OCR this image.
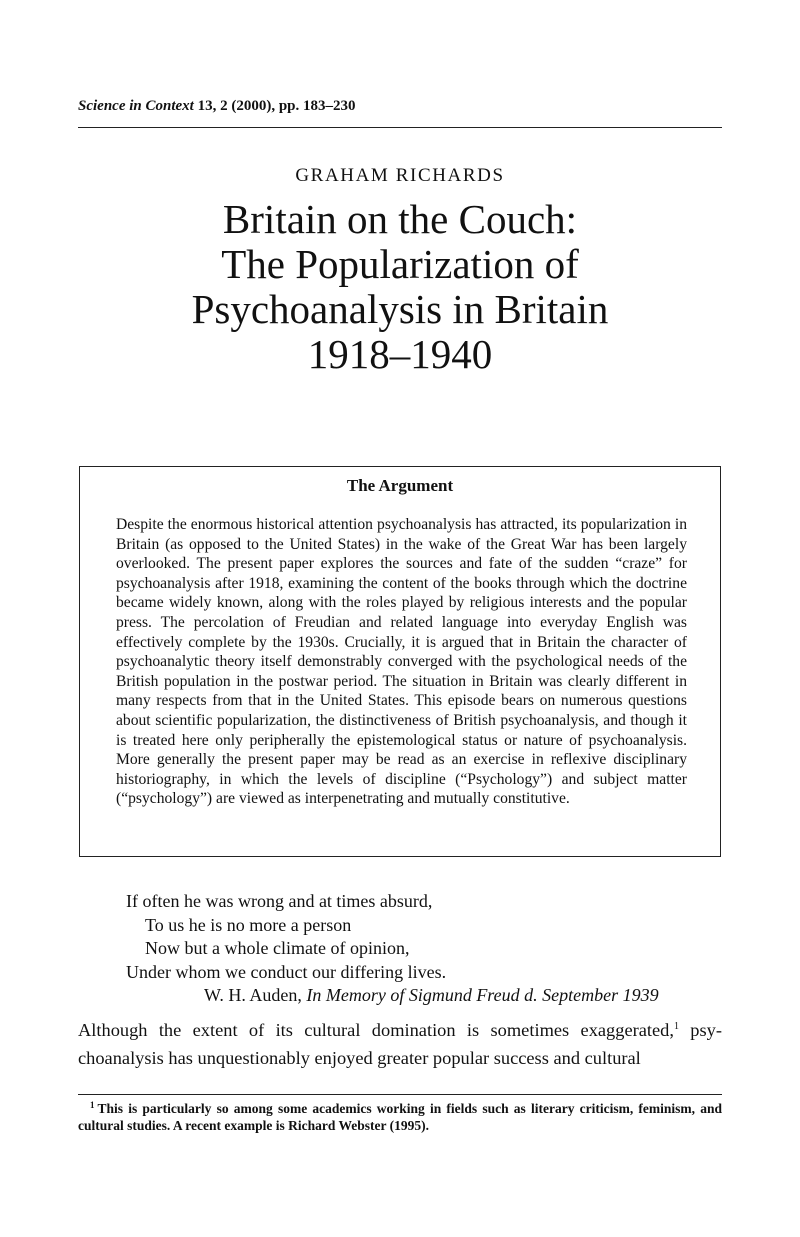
Science in Context 13, 2 (2000), pp. 183–230
GRAHAM RICHARDS
Britain on the Couch:
The Popularization of
Psychoanalysis in Britain
1918–1940
The Argument
Despite the enormous historical attention psychoanalysis has attracted, its popularization in Britain (as opposed to the United States) in the wake of the Great War has been largely overlooked. The present paper explores the sources and fate of the sudden “craze” for psychoanalysis after 1918, examining the content of the books through which the doctrine became widely known, along with the roles played by religious interests and the popular press. The percolation of Freudian and related language into everyday English was effectively complete by the 1930s. Crucially, it is argued that in Britain the character of psychoanalytic theory itself demonstrably converged with the psychological needs of the British population in the postwar period. The situation in Britain was clearly different in many respects from that in the United States. This episode bears on numerous questions about scientific popularization, the distinctiveness of British psychoanalysis, and though it is treated here only peripherally the epistemological status or nature of psychoanalysis. More generally the present paper may be read as an exercise in reflexive disciplinary historiography, in which the levels of discipline (“Psychology”) and subject matter (“psychology”) are viewed as interpenetrating and mutually constitutive.
If often he was wrong and at times absurd,
To us he is no more a person
Now but a whole climate of opinion,
Under whom we conduct our differing lives.
W. H. Auden, In Memory of Sigmund Freud d. September 1939
Although the extent of its cultural domination is sometimes exaggerated,$^1$ psychoanalysis has unquestionably enjoyed greater popular success and cultural
$^1$ This is particularly so among some academics working in fields such as literary criticism, feminism, and cultural studies. A recent example is Richard Webster (1995).
